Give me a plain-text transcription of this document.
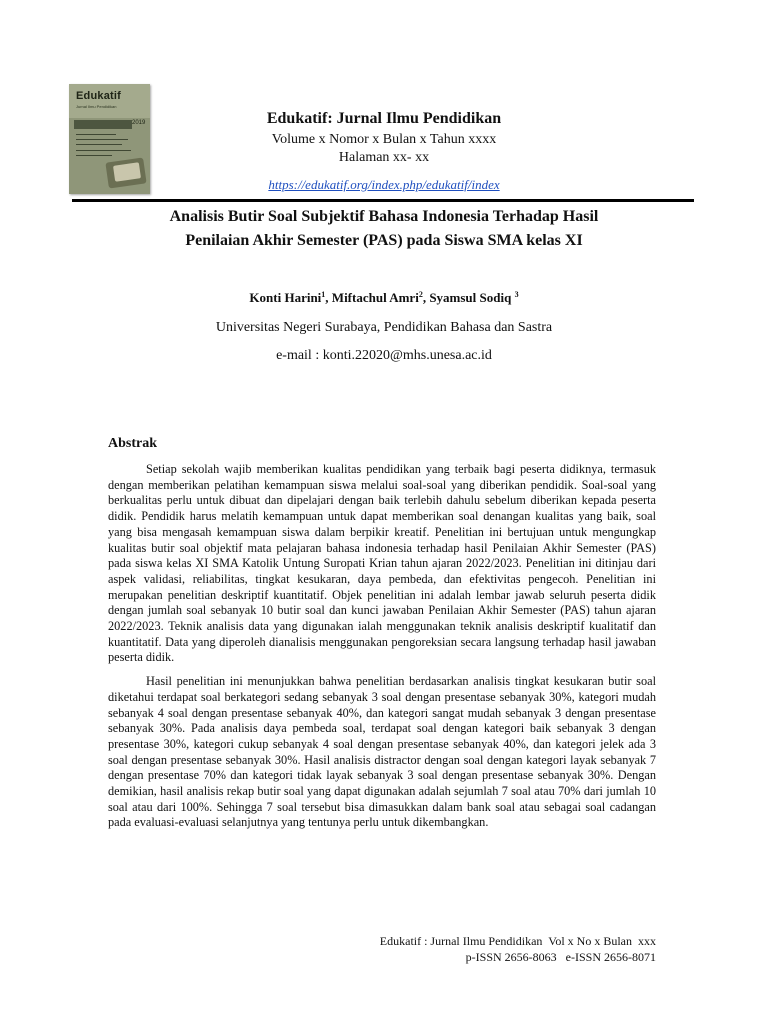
Edukatif
Jurnal Ilmu Pendidikan
2019	Edukatif: Jurnal Ilmu Pendidikan
Volume x Nomor x Bulan x Tahun xxxx
Halaman xx- xx
https://edukatif.org/index.php/edukatif/index
Analisis Butir Soal Subjektif Bahasa Indonesia Terhadap Hasil
Penilaian Akhir Semester (PAS) pada Siswa SMA kelas XI
Konti Harini$^1$, Miftachul Amri$^2$, Syamsul Sodiq $^3$
Universitas Negeri Surabaya, Pendidikan Bahasa dan Sastra
e-mail : konti.22020@mhs.unesa.ac.id
Abstrak

Setiap sekolah wajib memberikan kualitas pendidikan yang terbaik bagi peserta didiknya, termasuk dengan memberikan pelatihan kemampuan siswa melalui soal-soal yang diberikan pendidik. Soal-soal yang berkualitas perlu untuk dibuat dan dipelajari dengan baik terlebih dahulu sebelum diberikan kepada peserta didik. Pendidik harus melatih kemampuan untuk dapat memberikan soal denangan kualitas yang baik, soal yang bisa mengasah kemampuan siswa dalam berpikir kreatif. Penelitian ini bertujuan untuk mengungkap kualitas butir soal objektif mata pelajaran bahasa indonesia terhadap hasil Penilaian Akhir Semester (PAS) pada siswa kelas XI SMA Katolik Untung Suropati Krian tahun ajaran 2022/2023. Penelitian ini ditinjau dari aspek validasi, reliabilitas, tingkat kesukaran, daya pembeda, dan efektivitas pengecoh. Penelitian ini merupakan penelitian deskriptif kuantitatif. Objek penelitian ini adalah lembar jawab seluruh peserta didik dengan jumlah soal sebanyak 10 butir soal dan kunci jawaban Penilaian Akhir Semester (PAS) tahun ajaran 2022/2023. Teknik analisis data yang digunakan ialah menggunakan teknik analisis deskriptif kualitatif dan kuantitatif. Data yang diperoleh dianalisis menggunakan pengoreksian secara langsung terhadap hasil jawaban peserta didik.

Hasil penelitian ini menunjukkan bahwa penelitian berdasarkan analisis tingkat kesukaran butir soal diketahui terdapat soal berkategori sedang sebanyak 3 soal dengan presentase sebanyak 30%, kategori mudah sebanyak 4 soal dengan presentase sebanyak 40%, dan kategori sangat mudah sebanyak 3 dengan presentase sebanyak 30%. Pada analisis daya pembeda soal, terdapat soal dengan kategori baik sebanyak 3 dengan presentase 30%, kategori cukup sebanyak 4 soal dengan presentase sebanyak 40%, dan kategori jelek ada 3 soal dengan presentase sebanyak 30%. Hasil analisis distractor dengan soal dengan kategori layak sebanyak 7 dengan presentase 70% dan kategori tidak layak sebanyak 3 soal dengan presentase sebanyak 30%. Dengan demikian, hasil analisis rekap butir soal yang dapat digunakan adalah sejumlah 7 soal atau 70% dari jumlah 10 soal atau dari 100%. Sehingga 7 soal tersebut bisa dimasukkan dalam bank soal atau sebagai soal cadangan pada evaluasi-evaluasi selanjutnya yang tentunya perlu untuk dikembangkan.

Edukatif : Jurnal Ilmu Pendidikan  Vol x No x Bulan  xxx
p-ISSN 2656-8063   e-ISSN 2656-8071
